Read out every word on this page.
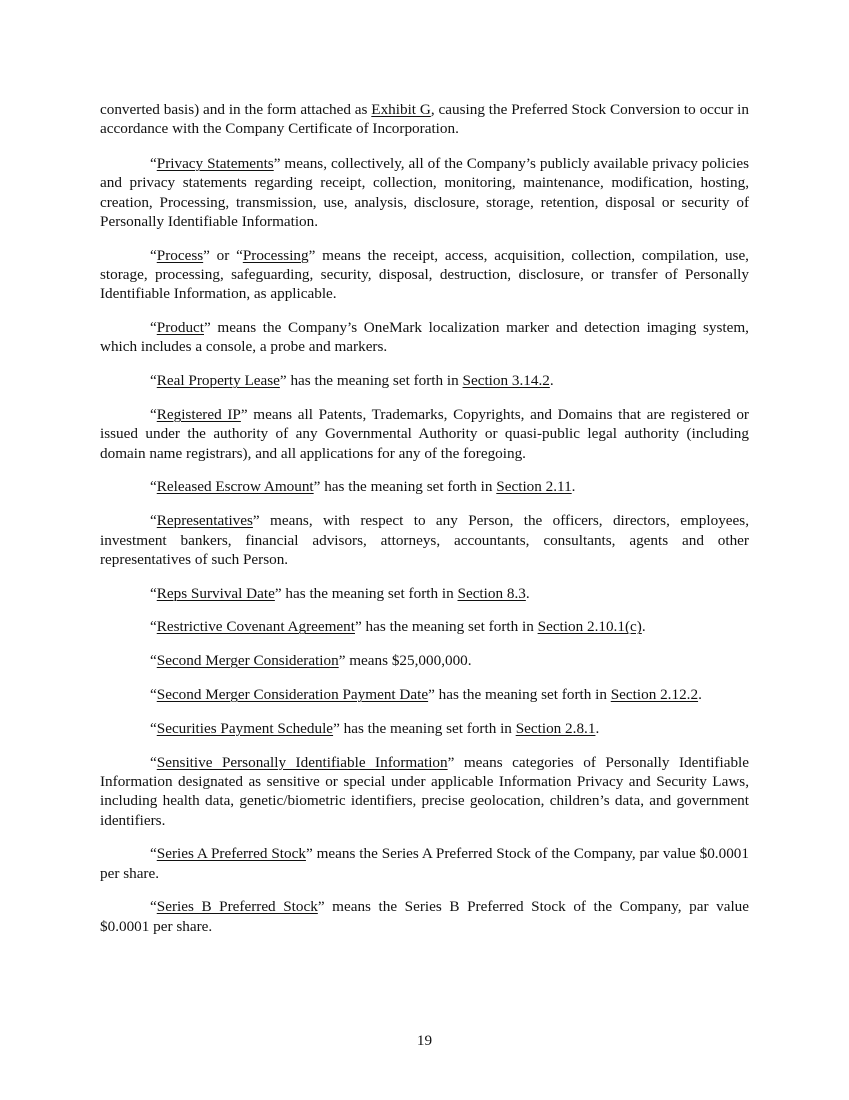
converted basis) and in the form attached as Exhibit G, causing the Preferred Stock Conversion to occur in accordance with the Company Certificate of Incorporation.

“Privacy Statements” means, collectively, all of the Company’s publicly available privacy policies and privacy statements regarding receipt, collection, monitoring, maintenance, modification, hosting, creation, Processing, transmission, use, analysis, disclosure, storage, retention, disposal or security of Personally Identifiable Information.

“Process” or “Processing” means the receipt, access, acquisition, collection, compilation, use, storage, processing, safeguarding, security, disposal, destruction, disclosure, or transfer of Personally Identifiable Information, as applicable.

“Product” means the Company’s OneMark localization marker and detection imaging system, which includes a console, a probe and markers.

“Real Property Lease” has the meaning set forth in Section 3.14.2.

“Registered IP” means all Patents, Trademarks, Copyrights, and Domains that are registered or issued under the authority of any Governmental Authority or quasi-public legal authority (including domain name registrars), and all applications for any of the foregoing.

“Released Escrow Amount” has the meaning set forth in Section 2.11.

“Representatives” means, with respect to any Person, the officers, directors, employees, investment bankers, financial advisors, attorneys, accountants, consultants, agents and other representatives of such Person.

“Reps Survival Date” has the meaning set forth in Section 8.3.

“Restrictive Covenant Agreement” has the meaning set forth in Section 2.10.1(c).

“Second Merger Consideration” means $25,000,000.

“Second Merger Consideration Payment Date” has the meaning set forth in Section 2.12.2.

“Securities Payment Schedule” has the meaning set forth in Section 2.8.1.

“Sensitive Personally Identifiable Information” means categories of Personally Identifiable Information designated as sensitive or special under applicable Information Privacy and Security Laws, including health data, genetic/biometric identifiers, precise geolocation, children’s data, and government identifiers.

“Series A Preferred Stock” means the Series A Preferred Stock of the Company, par value $0.0001 per share.

“Series B Preferred Stock” means the Series B Preferred Stock of the Company, par value $0.0001 per share.

19
